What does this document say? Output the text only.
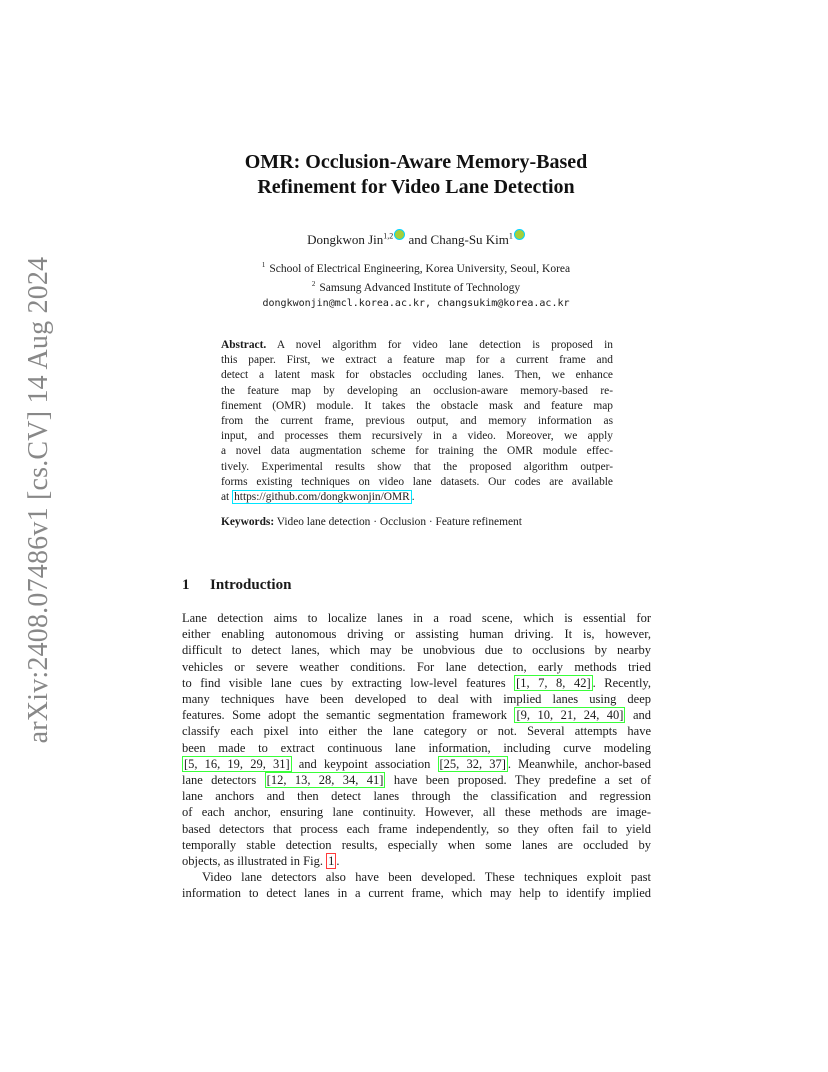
arXiv:2408.07486v1 [cs.CV] 14 Aug 2024
OMR: Occlusion-Aware Memory-Based
Refinement for Video Lane Detection
Dongkwon Jin$^{1,2}$ and Chang-Su Kim$^1$
$^1$ School of Electrical Engineering, Korea University, Seoul, Korea
$^2$ Samsung Advanced Institute of Technology
dongkwonjin@mcl.korea.ac.kr, changsukim@korea.ac.kr
Abstract. A novel algorithm for video lane detection is proposed in
this paper. First, we extract a feature map for a current frame and
detect a latent mask for obstacles occluding lanes. Then, we enhance
the feature map by developing an occlusion-aware memory-based re-
finement (OMR) module. It takes the obstacle mask and feature map
from the current frame, previous output, and memory information as
input, and processes them recursively in a video. Moreover, we apply
a novel data augmentation scheme for training the OMR module effec-
tively. Experimental results show that the proposed algorithm outper-
forms existing techniques on video lane datasets. Our codes are available
at https://github.com/dongkwonjin/OMR .
Keywords: Video lane detection · Occlusion · Feature refinement
1 Introduction
Lane detection aims to localize lanes in a road scene, which is essential for
either enabling autonomous driving or assisting human driving. It is, however,
difficult to detect lanes, which may be unobvious due to occlusions by nearby
vehicles or severe weather conditions. For lane detection, early methods tried
to find visible lane cues by extracting low-level features [1, 7, 8, 42] . Recently,
many techniques have been developed to deal with implied lanes using deep
features. Some adopt the semantic segmentation framework [9, 10, 21, 24, 40] and
classify each pixel into either the lane category or not. Several attempts have
been made to extract continuous lane information, including curve modeling
[5, 16, 19, 29, 31] and keypoint association [25, 32, 37] . Meanwhile, anchor-based
lane detectors [12, 13, 28, 34, 41] have been proposed. They predefine a set of
lane anchors and then detect lanes through the classification and regression
of each anchor, ensuring lane continuity. However, all these methods are image-
based detectors that process each frame independently, so they often fail to yield
temporally stable detection results, especially when some lanes are occluded by
objects, as illustrated in Fig. 1 .
Video lane detectors also have been developed. These techniques exploit past
information to detect lanes in a current frame, which may help to identify implied
